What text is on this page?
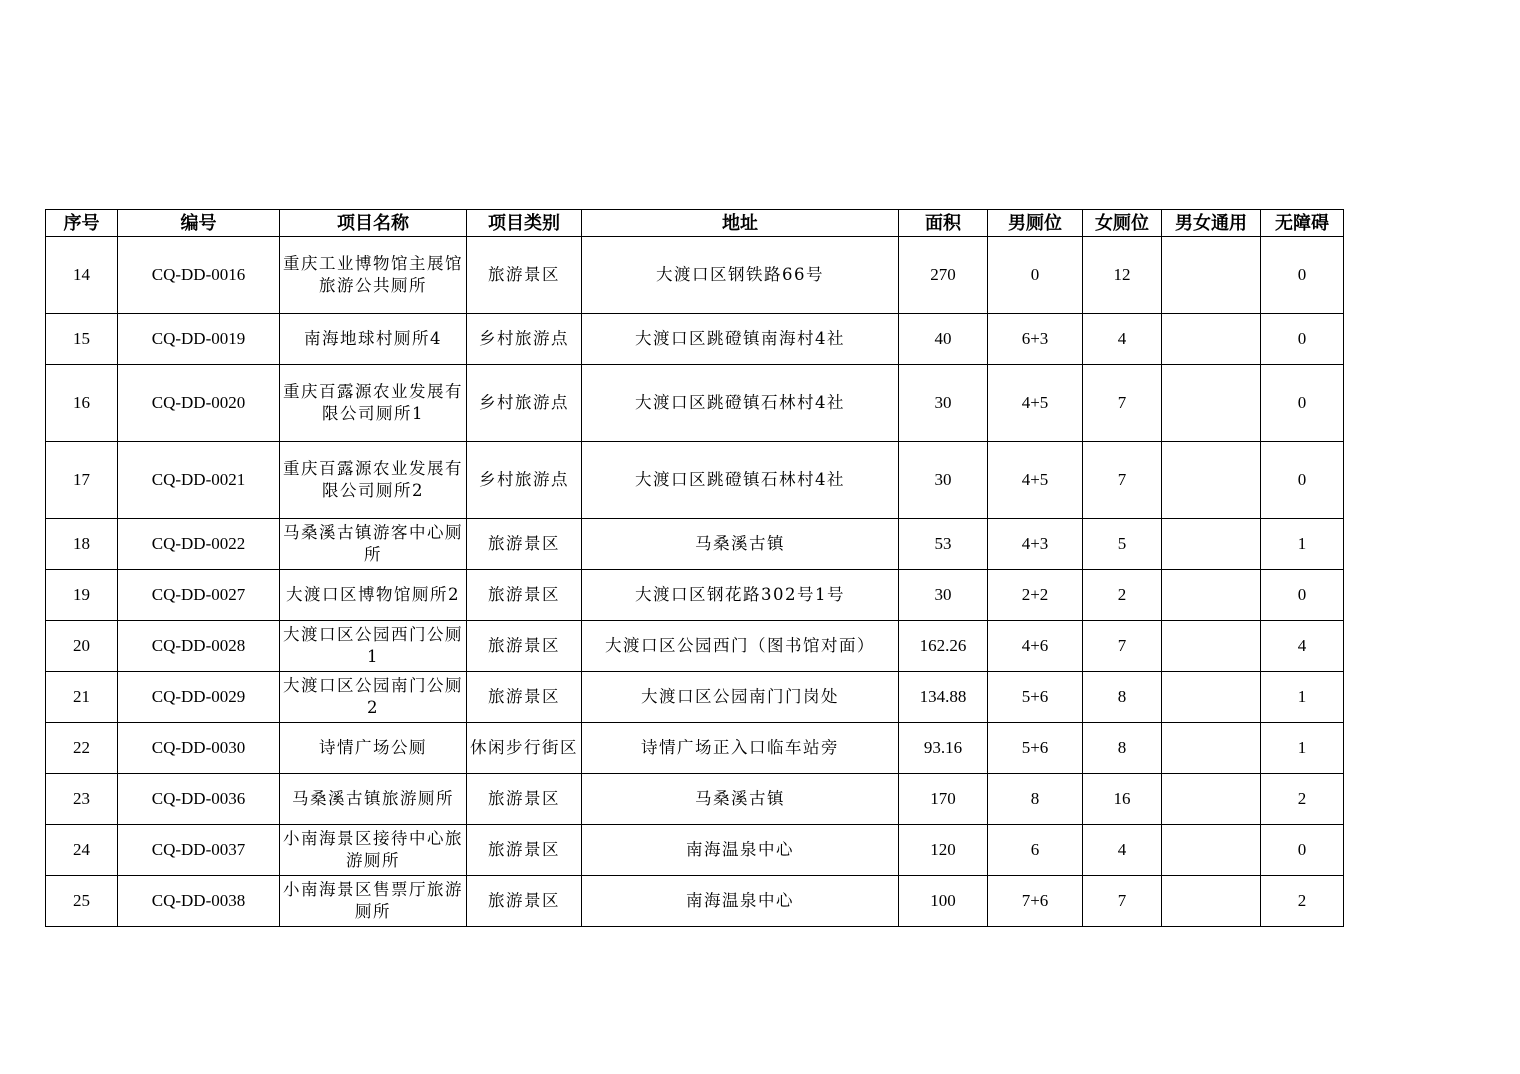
序号	编号	项目名称	项目类别	地址	面积	男厕位	女厕位	男女通用	无障碍
14	CQ-DD-0016	重庆工业博物馆主展馆旅游公共厕所	旅游景区	大渡口区钢铁路66号	270	0	12		0
15	CQ-DD-0019	南海地球村厕所4	乡村旅游点	大渡口区跳磴镇南海村4社	40	6+3	4		0
16	CQ-DD-0020	重庆百露源农业发展有限公司厕所1	乡村旅游点	大渡口区跳磴镇石林村4社	30	4+5	7		0
17	CQ-DD-0021	重庆百露源农业发展有限公司厕所2	乡村旅游点	大渡口区跳磴镇石林村4社	30	4+5	7		0
18	CQ-DD-0022	马桑溪古镇游客中心厕所	旅游景区	马桑溪古镇	53	4+3	5		1
19	CQ-DD-0027	大渡口区博物馆厕所2	旅游景区	大渡口区钢花路302号1号	30	2+2	2		0
20	CQ-DD-0028	大渡口区公园西门公厕1	旅游景区	大渡口区公园西门（图书馆对面）	162.26	4+6	7		4
21	CQ-DD-0029	大渡口区公园南门公厕2	旅游景区	大渡口区公园南门门岗处	134.88	5+6	8		1
22	CQ-DD-0030	诗情广场公厕	休闲步行街区	诗情广场正入口临车站旁	93.16	5+6	8		1
23	CQ-DD-0036	马桑溪古镇旅游厕所	旅游景区	马桑溪古镇	170	8	16		2
24	CQ-DD-0037	小南海景区接待中心旅游厕所	旅游景区	南海温泉中心	120	6	4		0
25	CQ-DD-0038	小南海景区售票厅旅游厕所	旅游景区	南海温泉中心	100	7+6	7		2
